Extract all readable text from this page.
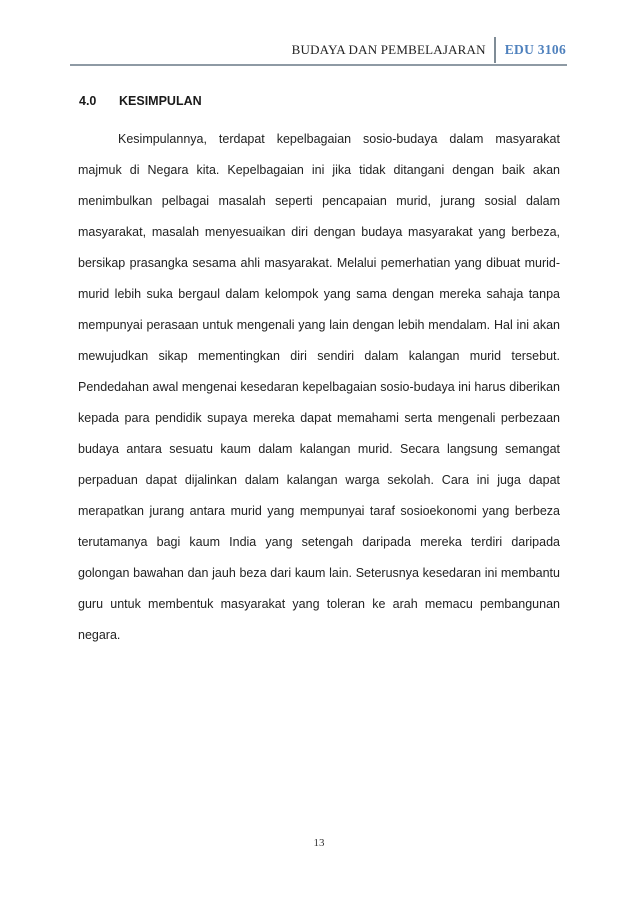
BUDAYA DAN PEMBELAJARAN	EDU 3106
4.0	KESIMPULAN

Kesimpulannya, terdapat kepelbagaian sosio-budaya dalam masyarakat majmuk di Negara kita. Kepelbagaian ini jika tidak ditangani dengan baik akan menimbulkan pelbagai masalah seperti pencapaian murid, jurang sosial dalam masyarakat, masalah menyesuaikan diri dengan budaya masyarakat yang berbeza, bersikap prasangka sesama ahli masyarakat. Melalui pemerhatian yang dibuat murid-murid lebih suka bergaul dalam kelompok yang sama dengan mereka sahaja tanpa mempunyai perasaan untuk mengenali yang lain dengan lebih mendalam. Hal ini akan mewujudkan sikap mementingkan diri sendiri dalam kalangan murid tersebut. Pendedahan awal mengenai kesedaran kepelbagaian sosio-budaya ini harus diberikan kepada para pendidik supaya mereka dapat memahami serta mengenali perbezaan budaya antara sesuatu kaum dalam kalangan murid. Secara langsung semangat perpaduan dapat dijalinkan dalam kalangan warga sekolah. Cara ini juga dapat merapatkan jurang antara murid yang mempunyai taraf sosioekonomi yang berbeza terutamanya bagi kaum India yang setengah daripada mereka terdiri daripada golongan bawahan dan jauh beza dari kaum lain. Seterusnya kesedaran ini membantu guru untuk membentuk masyarakat yang toleran ke arah memacu pembangunan negara.

13
